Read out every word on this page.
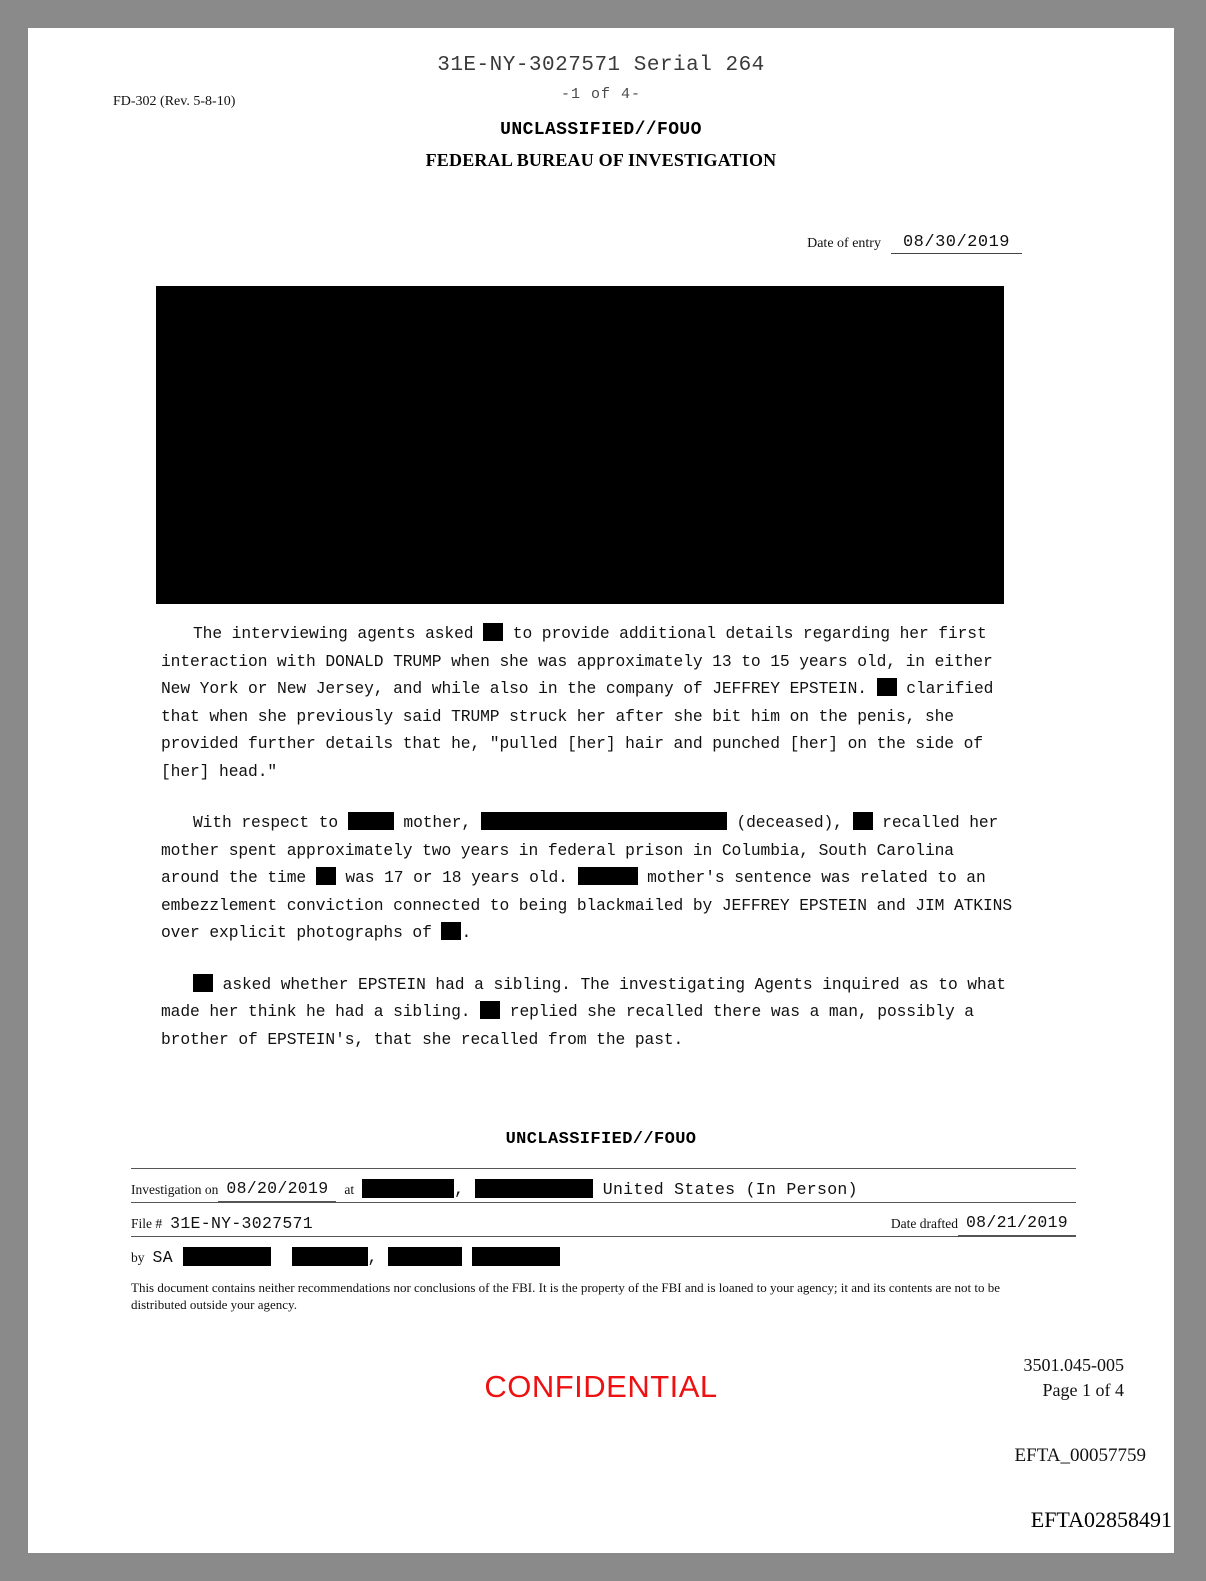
31E-NY-3027571 Serial 264
-1 of 4-
FD-302 (Rev. 5-8-10)
UNCLASSIFIED//FOUO
FEDERAL BUREAU OF INVESTIGATION
Date of entry	08/30/2019

The interviewing agents asked  to provide additional details regarding her first interaction with DONALD TRUMP when she was approximately 13 to 15 years old, in either New York or New Jersey, and while also in the company of JEFFREY EPSTEIN.  clarified that when she previously said TRUMP struck her after she bit him on the penis, she provided further details that he, "pulled [her] hair and punched [her] on the side of [her] head."

With respect to	mother,	(deceased),  recalled her mother spent approximately two years in federal prison in Columbia, South Carolina around the time  was 17 or 18 years old.	mother's sentence was related to an embezzlement conviction connected to being blackmailed by JEFFREY EPSTEIN and JIM ATKINS over explicit photographs of .

asked whether EPSTEIN had a sibling. The investigating Agents inquired as to what made her think he had a sibling.  replied she recalled there was a man, possibly a brother of EPSTEIN's, that she recalled from the past.

UNCLASSIFIED//FOUO
Investigation on 08/20/2019	at	,	United States (In Person)
File # 31E-NY-3027571	Date drafted 08/21/2019
by SA	,
This document contains neither recommendations nor conclusions of the FBI. It is the property of the FBI and is loaned to your agency; it and its contents are not to be distributed outside your agency.
CONFIDENTIAL
3501.045-005
Page 1 of 4
EFTA_00057759
EFTA02858491
